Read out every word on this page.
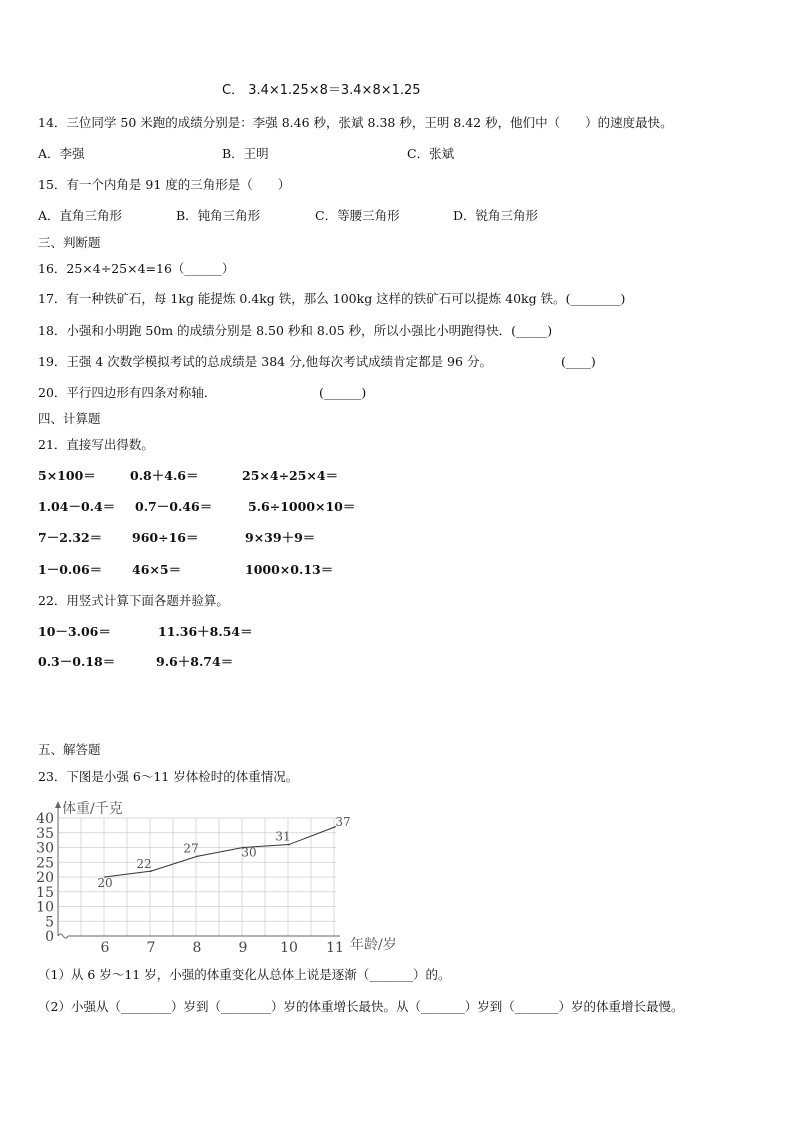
C． 3.4×1.25×8＝3.4×8×1.25
14．三位同学 50 米跑的成绩分别是：李强 8.46 秒，张斌 8.38 秒，王明 8.42 秒，他们中（　　）的速度最快。
A．李强	B．王明	C．张斌
15．有一个内角是 91 度的三角形是（　　）
A．直角三角形	B．钝角三角形	C．等腰三角形	D．锐角三角形
三、判断题
16．25×4÷25×4=16（______）
17．有一种铁矿石，每 1kg 能提炼 0.4kg 铁，那么 100kg 这样的铁矿石可以提炼 40kg 铁。(________)
18．小强和小明跑 50m 的成绩分别是 8.50 秒和 8.05 秒，所以小强比小明跑得快．(_____)
19．王强 4 次数学模拟考试的总成绩是 384 分,他每次考试成绩肯定都是 96 分。	(____)
20．平行四边形有四条对称轴．	(______)
四、计算题
21．直接写出得数。
5×100＝	0.8＋4.6＝	25×4÷25×4＝
1.04－0.4＝ 0.7－0.46＝	5.6÷1000×10＝
7－2.32＝ 960÷16＝	9×39＋9＝
1－0.06＝ 46×5＝	1000×0.13＝
22．用竖式计算下面各题并验算。
10－3.06＝	11.36＋8.54＝
0.3－0.18＝	9.6＋8.74＝
五、解答题
23．下图是小强 6～11 岁体检时的体重情况。
体重/千克
年龄/岁
0
5
10
15
20
25
30
35
40
6	7	8	9 10 11
20
22
27	30
31
37
（1）从 6 岁～11 岁，小强的体重变化从总体上说是逐渐（_______）的。
（2）小强从（________）岁到（________）岁的体重增长最快。从（_______）岁到（_______）岁的体重增长最慢。
